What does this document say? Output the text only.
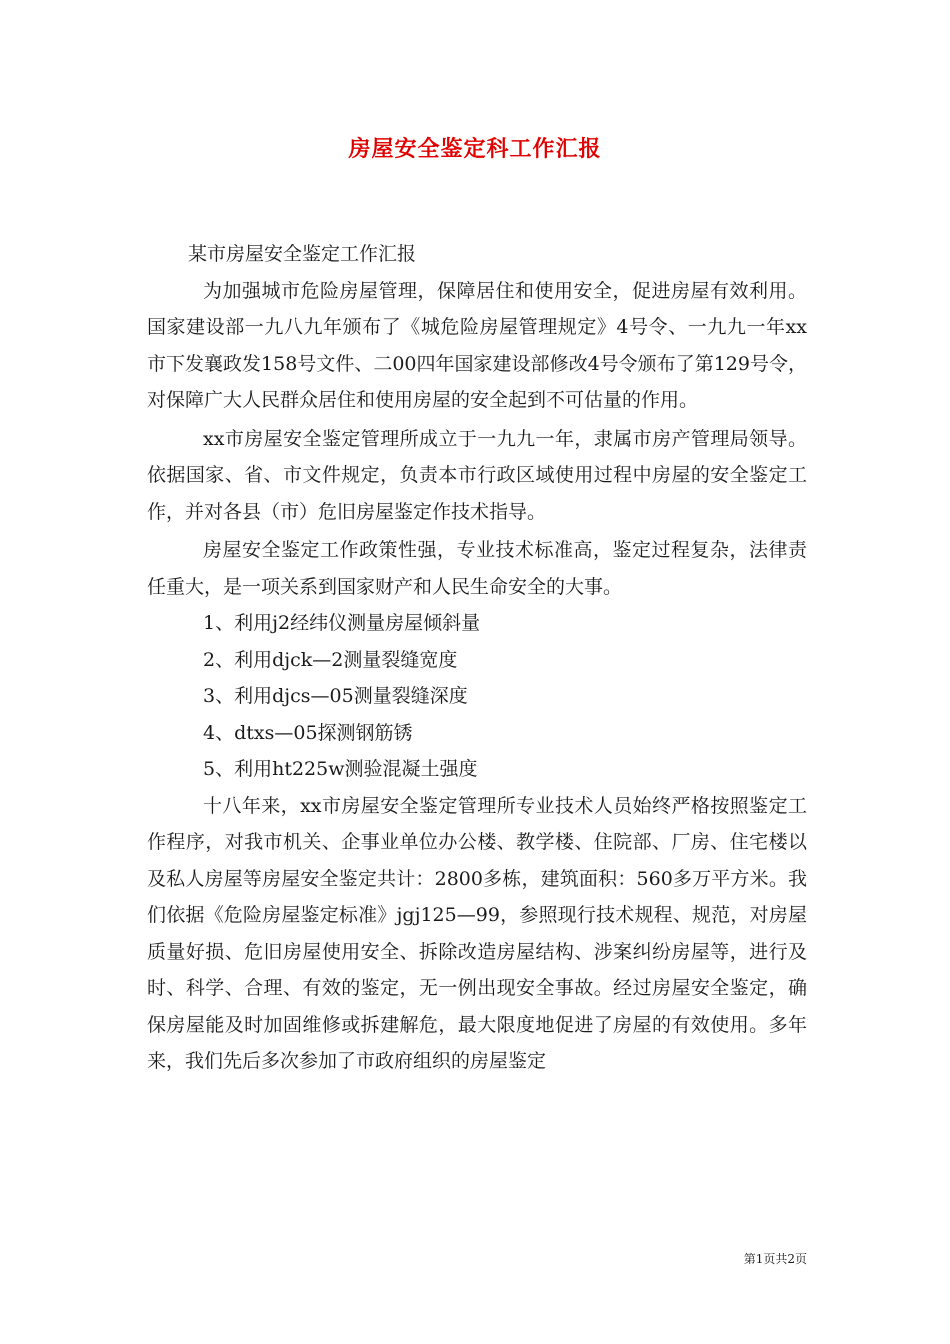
房屋安全鉴定科工作汇报

某市房屋安全鉴定工作汇报

为加强城市危险房屋管理，保障居住和使用安全，促进房屋有效利用。国家建设部一九八九年颁布了《城危险房屋管理规定》4号令、一九九一年xx市下发襄政发158号文件、二00四年国家建设部修改4号令颁布了第129号令，对保障广大人民群众居住和使用房屋的安全起到不可估量的作用。

xx市房屋安全鉴定管理所成立于一九九一年，隶属市房产管理局领导。依据国家、省、市文件规定，负责本市行政区域使用过程中房屋的安全鉴定工作，并对各县（市）危旧房屋鉴定作技术指导。

房屋安全鉴定工作政策性强，专业技术标准高，鉴定过程复杂，法律责任重大，是一项关系到国家财产和人民生命安全的大事。

1、利用j2经纬仪测量房屋倾斜量

2、利用djck—2测量裂缝宽度

3、利用djcs—05测量裂缝深度

4、dtxs—05探测钢筋锈

5、利用ht225w测验混凝土强度

十八年来，xx市房屋安全鉴定管理所专业技术人员始终严格按照鉴定工作程序，对我市机关、企事业单位办公楼、教学楼、住院部、厂房、住宅楼以及私人房屋等房屋安全鉴定共计：2800多栋，建筑面积：560多万平方米。我们依据《危险房屋鉴定标准》jgj125—99，参照现行技术规程、规范，对房屋质量好损、危旧房屋使用安全、拆除改造房屋结构、涉案纠纷房屋等，进行及时、科学、合理、有效的鉴定，无一例出现安全事故。经过房屋安全鉴定，确保房屋能及时加固维修或拆建解危，最大限度地促进了房屋的有效使用。多年来，我们先后多次参加了市政府组织的房屋鉴定

第1页共2页
